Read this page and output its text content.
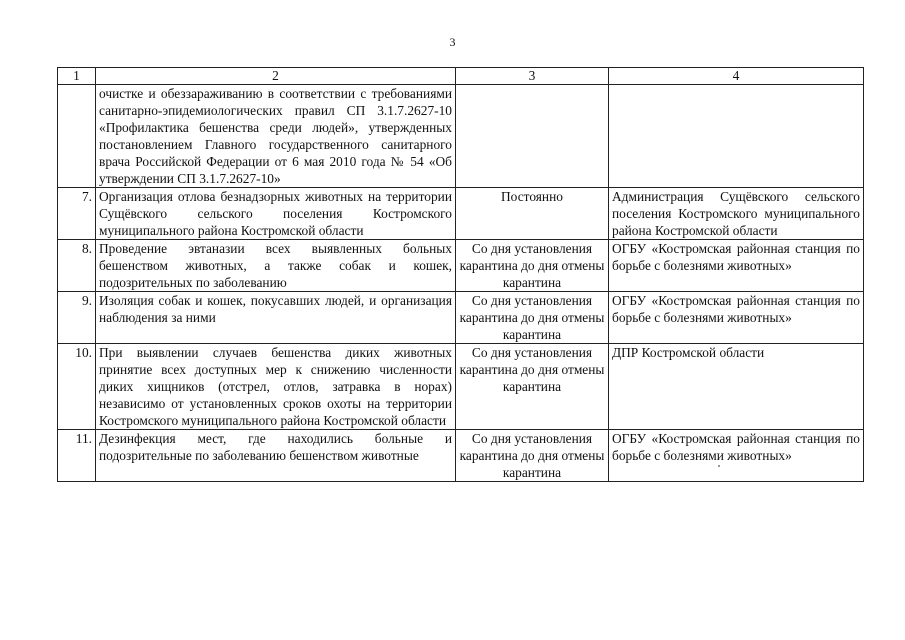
3
1	2	3	4
	очистке и обеззараживанию в соответствии с требованиями санитарно-эпидемиологических правил СП 3.1.7.2627-10 «Профилактика бешенства среди людей», утвержденных постановлением Главного государственного санитарного врача Российской Федерации от 6 мая 2010 года № 54 «Об утверждении СП 3.1.7.2627-10»		
7.	Организация отлова безнадзорных животных на территории Сущёвского сельского поселения Костромского муниципального района Костромской области	Постоянно	Администрация Сущёвского сельского поселения Костромского муниципального района Костромской области
8.	Проведение эвтаназии всех выявленных больных бешенством животных, а также собак и кошек, подозрительных по заболеванию	Со дня установления карантина до дня отмены карантина	ОГБУ «Костромская районная станция по борьбе с болезнями животных»
9.	Изоляция собак и кошек, покусавших людей, и организация наблюдения за ними	Со дня установления карантина до дня отмены карантина	ОГБУ «Костромская районная станция по борьбе с болезнями животных»
10.	При выявлении случаев бешенства диких животных принятие всех доступных мер к снижению численности диких хищников (отстрел, отлов, затравка в норах) независимо от установленных сроков охоты на территории Костромского муниципального района Костромской области	Со дня установления карантина до дня отмены карантина	ДПР Костромской области
11.	Дезинфекция мест, где находились больные и подозрительные по заболеванию бешенством животные	Со дня установления карантина до дня отмены карантина	ОГБУ «Костромская районная станция по борьбе с болезнями животных»
